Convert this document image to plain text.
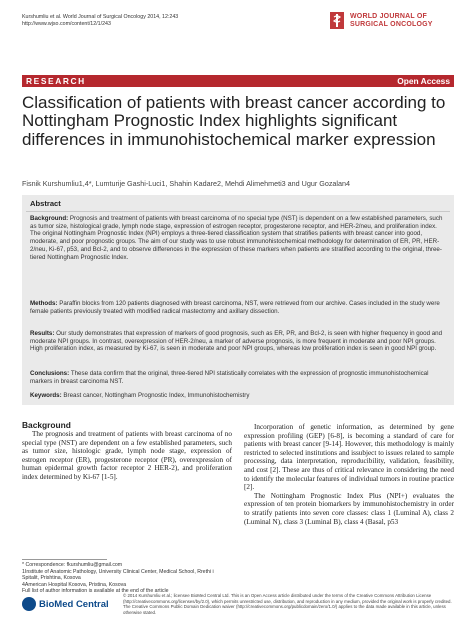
Kurshumliu et al. World Journal of Surgical Oncology 2014, 12:243
http://www.wjso.com/content/12/1/243
WORLD JOURNAL OF
SURGICAL ONCOLOGY
RESEARCH	Open Access
Classification of patients with breast cancer according to Nottingham Prognostic Index highlights significant differences in immunohistochemical marker expression
Fisnik Kurshumliu1,4*, Lumturije Gashi-Luci1, Shahin Kadare2, Mehdi Alimehmeti3 and Ugur Gozalan4
Abstract
Background: Prognosis and treatment of patients with breast carcinoma of no special type (NST) is dependent on a few established parameters, such as tumor size, histological grade, lymph node stage, expression of estrogen receptor, progesterone receptor, and HER-2/neu, and proliferation index. The original Nottingham Prognostic Index (NPI) employs a three-tiered classification system that stratifies patients with breast cancer into good, moderate, and poor prognostic groups. The aim of our study was to use robust immunohistochemical methodology for determination of ER, PR, HER-2/neu, Ki-67, p53, and Bcl-2, and to observe differences in the expression of these markers when patients are stratified according to the original, three-tiered Nottingham Prognostic Index.
Methods: Paraffin blocks from 120 patients diagnosed with breast carcinoma, NST, were retrieved from our archive. Cases included in the study were female patients previously treated with modified radical mastectomy and axillary dissection.
Results: Our study demonstrates that expression of markers of good prognosis, such as ER, PR, and Bcl-2, is seen with higher frequency in good and moderate NPI groups. In contrast, overexpression of HER-2/neu, a marker of adverse prognosis, is more frequent in moderate and poor NPI groups. High proliferation index, as measured by Ki-67, is seen in moderate and poor NPI groups, whereas low proliferation index is seen in good NPI group.
Conclusions: These data confirm that the original, three-tiered NPI statistically correlates with the expression of prognostic immunohistochemical markers in breast carcinoma NST.
Keywords: Breast cancer, Nottingham Prognostic Index, Immunohistochemistry
Background

The prognosis and treatment of patients with breast carcinoma of no special type (NST) are dependent on a few established parameters, such as tumor size, histologic grade, lymph node stage, expression of estrogen receptor (ER), progesterone receptor (PR), overexpression of human epidermal growth factor receptor 2 HER-2), and proliferation index determined by Ki-67 [1-5].

Incorporation of genetic information, as determined by gene expression profiling (GEP) [6-8], is becoming a standard of care for patients with breast cancer [9-14]. However, this methodology is mainly restricted to selected institutions and issubject to issues related to sample processing, data interpretation, reproducibility, validation, feasibility, and cost [2]. These are thus of critical relevance in considering the need to identify the molecular features of individual tumors in routine practice [2].

The Nottingham Prognostic Index Plus (NPI+) evaluates the expression of ten protein biomarkers by immunohistochemistry in order to stratify patients into seven core classes: class 1 (Luminal A), class 2 (Luminal N), class 3 (Luminal B), class 4 (Basal, p53

* Correspondence: fkurshumliu@gmail.com
1Institute of Anatomic Pathology, University Clinical Center, Medical School, Rrethi i Spitalit, Prishtina, Kosova
4American Hospital Kosova, Pristina, Kosova
Full list of author information is available at the end of the article
BioMed Central
© 2014 Kurshumliu et al.; licensee BioMed Central Ltd. This is an Open Access article distributed under the terms of the Creative Commons Attribution License (http://creativecommons.org/licenses/by/2.0), which permits unrestricted use, distribution, and reproduction in any medium, provided the original work is properly credited. The Creative Commons Public Domain Dedication waiver (http://creativecommons.org/publicdomain/zero/1.0/) applies to the data made available in this article, unless otherwise stated.
